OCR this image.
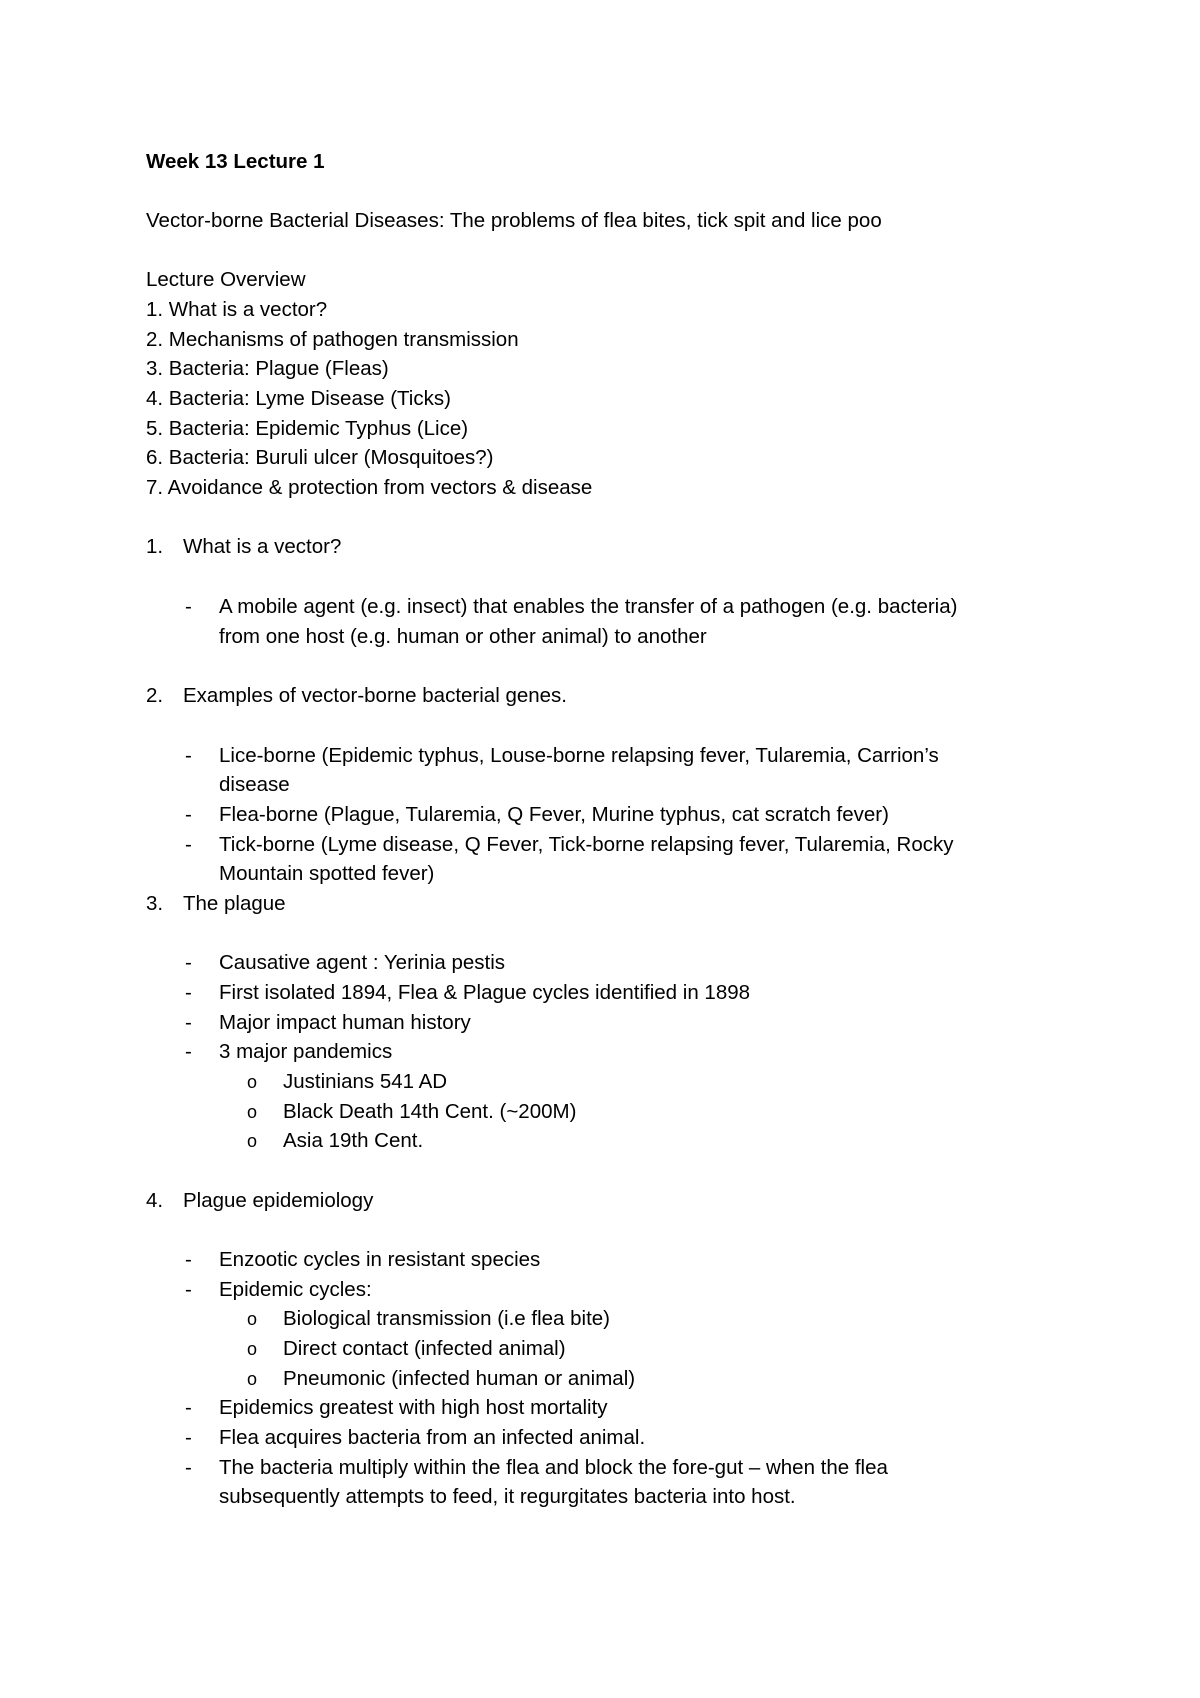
Week 13 Lecture 1
Vector-borne Bacterial Diseases: The problems of flea bites, tick spit and lice poo
Lecture Overview
1. What is a vector?
2. Mechanisms of pathogen transmission
3. Bacteria: Plague (Fleas)
4. Bacteria: Lyme Disease (Ticks)
5. Bacteria: Epidemic Typhus (Lice)
6. Bacteria: Buruli ulcer (Mosquitoes?)
7. Avoidance & protection from vectors & disease
1. What is a vector?
- A mobile agent (e.g. insect) that enables the transfer of a pathogen (e.g. bacteria)
from one host (e.g. human or other animal) to another
2. Examples of vector-borne bacterial genes.
- Lice-borne (Epidemic typhus, Louse-borne relapsing fever, Tularemia, Carrion’s
disease
- Flea-borne (Plague, Tularemia, Q Fever, Murine typhus, cat scratch fever)
- Tick-borne (Lyme disease, Q Fever, Tick-borne relapsing fever, Tularemia, Rocky
Mountain spotted fever)
3. The plague
- Causative agent : Yerinia pestis
- First isolated 1894, Flea & Plague cycles identified in 1898
- Major impact human history
- 3 major pandemics
o Justinians 541 AD
o Black Death 14th Cent. (~200M)
o Asia 19th Cent.
4. Plague epidemiology
- Enzootic cycles in resistant species
- Epidemic cycles:
o Biological transmission (i.e flea bite)
o Direct contact (infected animal)
o Pneumonic (infected human or animal)
- Epidemics greatest with high host mortality
- Flea acquires bacteria from an infected animal.
- The bacteria multiply within the flea and block the fore-gut – when the flea
subsequently attempts to feed, it regurgitates bacteria into host.
